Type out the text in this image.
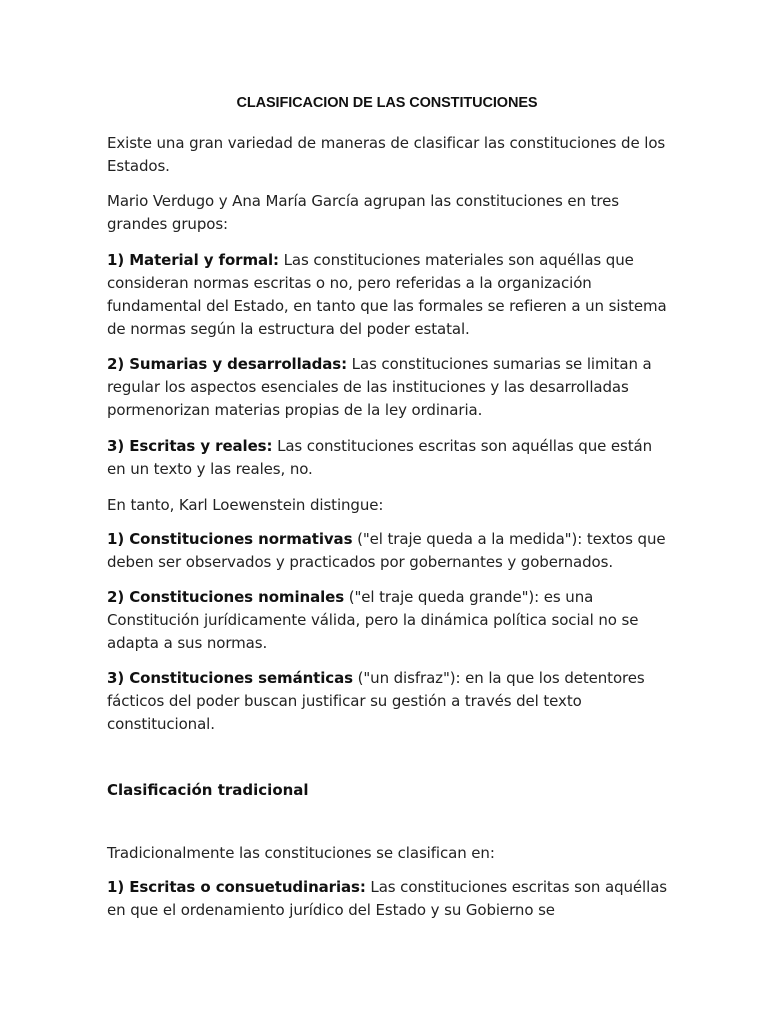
CLASIFICACION DE LAS CONSTITUCIONES

Existe una gran variedad de maneras de clasificar las constituciones de los Estados.

Mario Verdugo y Ana María García agrupan las constituciones en tres grandes grupos:

1) Material y formal: Las constituciones materiales son aquéllas que consideran normas escritas o no, pero referidas a la organización fundamental del Estado, en tanto que las formales se refieren a un sistema de normas según la estructura del poder estatal.

2) Sumarias y desarrolladas: Las constituciones sumarias se limitan a regular los aspectos esenciales de las instituciones y las desarrolladas pormenorizan materias propias de la ley ordinaria.

3) Escritas y reales: Las constituciones escritas son aquéllas que están en un texto y las reales, no.

En tanto, Karl Loewenstein distingue:

1) Constituciones normativas ("el traje queda a la medida"): textos que deben ser observados y practicados por gobernantes y gobernados.

2) Constituciones nominales ("el traje queda grande"): es una Constitución jurídicamente válida, pero la dinámica política social no se adapta a sus normas.

3) Constituciones semánticas ("un disfraz"): en la que los detentores fácticos del poder buscan justificar su gestión a través del texto constitucional.

Clasificación tradicional

Tradicionalmente las constituciones se clasifican en:

1) Escritas o consuetudinarias: Las constituciones escritas son aquéllas en que el ordenamiento jurídico del Estado y su Gobierno se
